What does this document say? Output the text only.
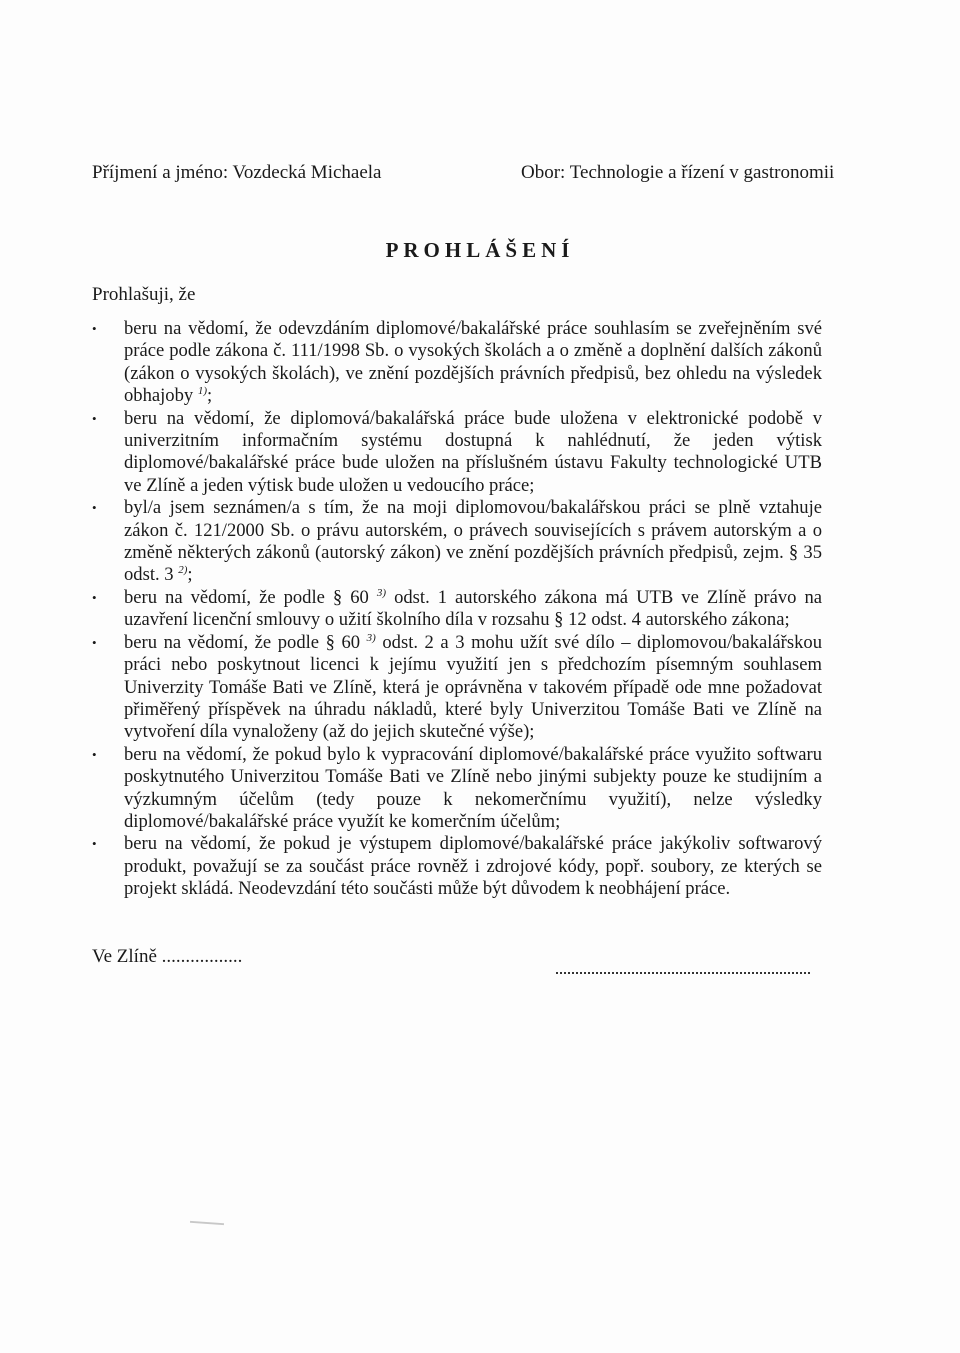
Příjmení a jméno: Vozdecká Michaela	Obor: Technologie a řízení v gastronomii
PROHLÁŠENÍ
Prohlašuji, že
•	beru na vědomí, že odevzdáním diplomové/bakalářské práce souhlasím se zveřejněním své práce podle zákona č. 111/1998 Sb. o vysokých školách a o změně a doplnění dalších zákonů (zákon o vysokých školách), ve znění pozdějších právních předpisů, bez ohledu na výsledek obhajoby $^{1)}$;
•	beru na vědomí, že diplomová/bakalářská práce bude uložena v elektronické podobě v univerzitním informačním systému dostupná k nahlédnutí, že jeden výtisk diplomové/bakalářské práce bude uložen na příslušném ústavu Fakulty technologické UTB ve Zlíně a jeden výtisk bude uložen u vedoucího práce;
•	byl/a jsem seznámen/a s tím, že na moji diplomovou/bakalářskou práci se plně vztahuje zákon č. 121/2000 Sb. o právu autorském, o právech souvisejících s právem autorským a o změně některých zákonů (autorský zákon) ve znění pozdějších právních předpisů, zejm. § 35 odst. 3 $^{2)}$;
•	beru na vědomí, že podle § 60 $^{3)}$ odst. 1 autorského zákona má UTB ve Zlíně právo na uzavření licenční smlouvy o užití školního díla v rozsahu § 12 odst. 4 autorského zákona;
•	beru na vědomí, že podle § 60 $^{3)}$ odst. 2 a 3 mohu užít své dílo – diplomovou/bakalářskou práci nebo poskytnout licenci k jejímu využití jen s předchozím písemným souhlasem Univerzity Tomáše Bati ve Zlíně, která je oprávněna v takovém případě ode mne požadovat přiměřený příspěvek na úhradu nákladů, které byly Univerzitou Tomáše Bati ve Zlíně na vytvoření díla vynaloženy (až do jejich skutečné výše);
•	beru na vědomí, že pokud bylo k vypracování diplomové/bakalářské práce využito softwaru poskytnutého Univerzitou Tomáše Bati ve Zlíně nebo jinými subjekty pouze ke studijním a výzkumným účelům (tedy pouze k nekomerčnímu využití), nelze výsledky diplomové/bakalářské práce využít ke komerčním účelům;
•	beru na vědomí, že pokud je výstupem diplomové/bakalářské práce jakýkoliv softwarový produkt, považují se za součást práce rovněž i zdrojové kódy, popř. soubory, ze kterých se projekt skládá. Neodevzdání této součásti může být důvodem k neobhájení práce.
Ve Zlíně .................
